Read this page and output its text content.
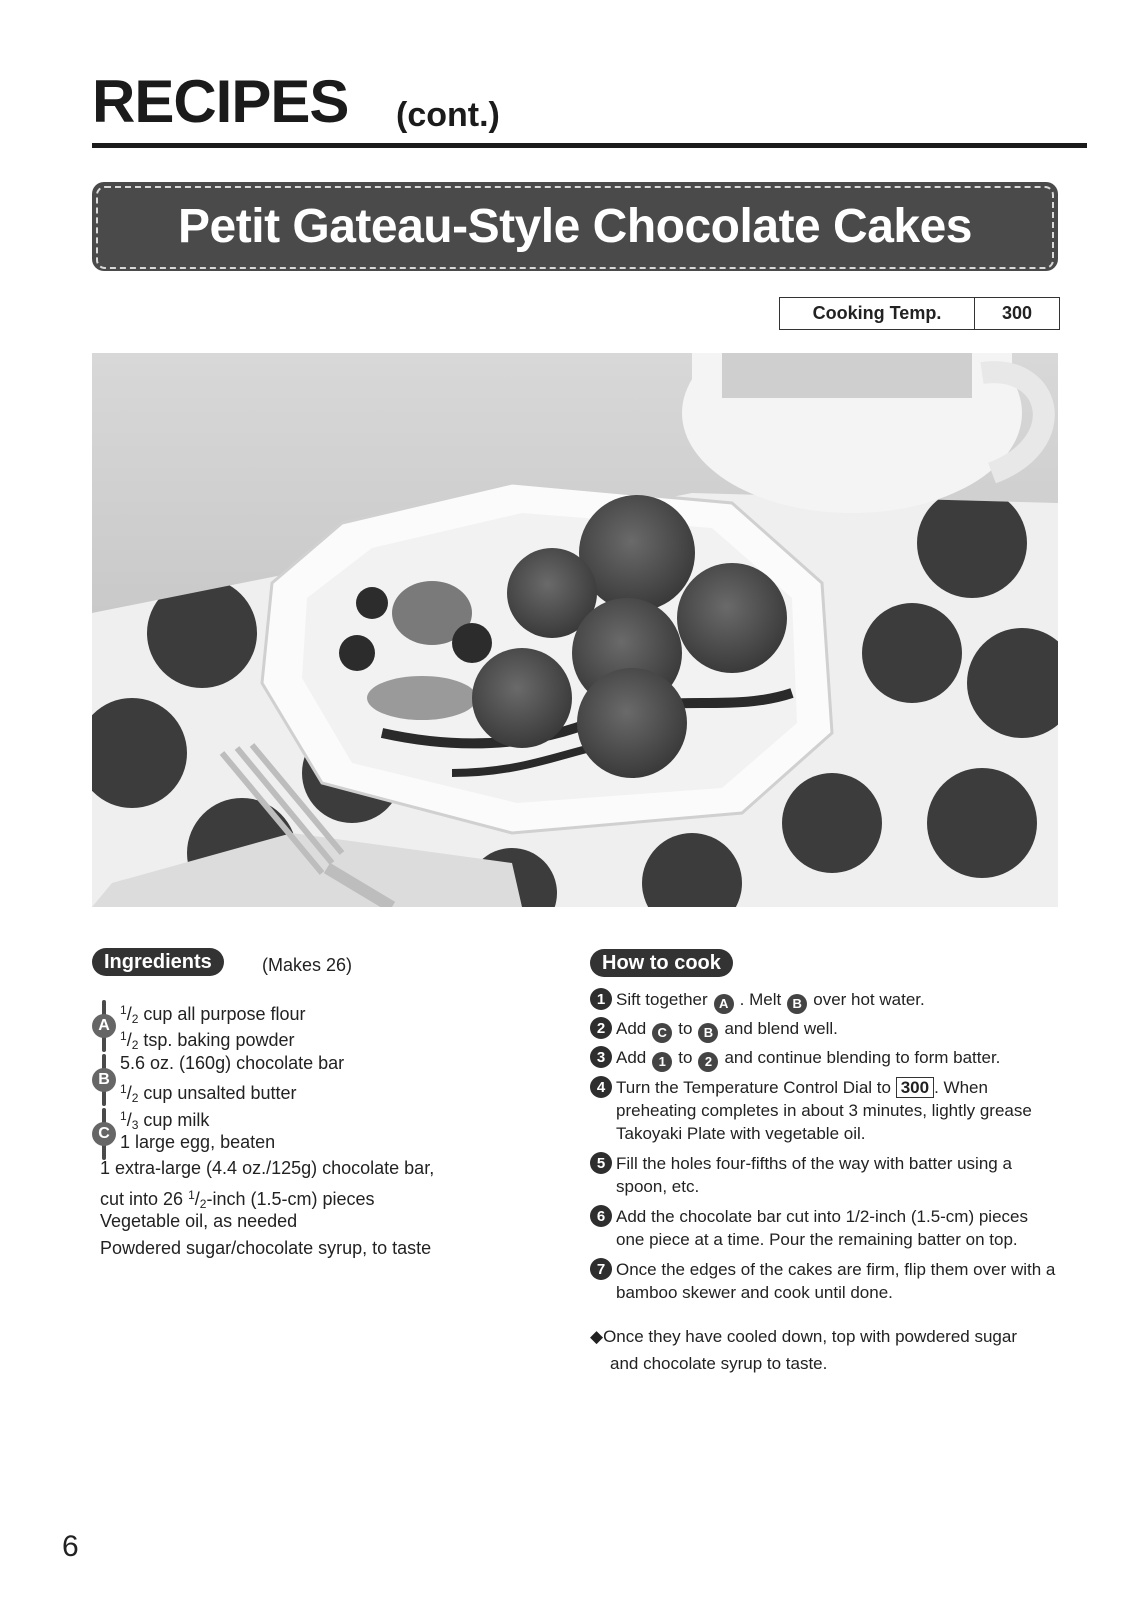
RECIPES (cont.)
Petit Gateau-Style Chocolate Cakes
Cooking Temp.	300
Ingredients	(Makes 26)
A
$^1$/2 cup all purpose flour
$^1$/2 tsp. baking powder
B
5.6 oz. (160g) chocolate bar
$^1$/2 cup unsalted butter
C
$^1$/3 cup milk
1 large egg, beaten
1 extra-large (4.4 oz./125g) chocolate bar,
cut into 26 $^1$/2-inch (1.5-cm) pieces
Vegetable oil, as needed
Powdered sugar/chocolate syrup, to taste
How to cook
1 Sift together A . Melt B over hot water.
2 Add C to B and blend well.
3 Add 1 to 2 and continue blending to form batter.
4 Turn the Temperature Control Dial to 300 . When
preheating completes in about 3 minutes, lightly grease
Takoyaki Plate with vegetable oil.
5 Fill the holes four-fifths of the way with batter using a
spoon, etc.
6 Add the chocolate bar cut into 1/2-inch (1.5-cm) pieces
one piece at a time. Pour the remaining batter on top.
7 Once the edges of the cakes are firm, flip them over with a
bamboo skewer and cook until done.
◆Once they have cooled down, top with powdered sugar
and chocolate syrup to taste.
6
